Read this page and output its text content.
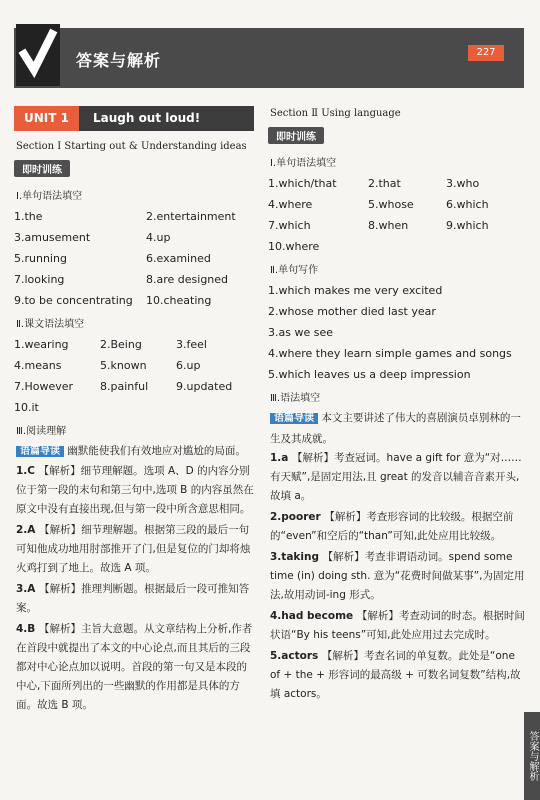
答案与解析	227
UNIT 1	Laugh out loud!
Section Ⅰ Starting out & Understanding ideas
即时训练
Ⅰ.单句语法填空
1.the	2.entertainment
3.amusement	4.up
5.running	6.examined
7.looking	8.are designed
9.to be concentrating	10.cheating
Ⅱ.课文语法填空
1.wearing	2.Being	3.feel
4.means	5.known	6.up
7.However	8.painful	9.updated
10.it
Ⅲ.阅读理解
语篇导读 幽默能使我们有效地应对尴尬的局面。
1.C 【解析】细节理解题。选项 A、D 的内容分别位于第一段的末句和第三句中,选项 B 的内容虽然在原文中没有直接出现,但与第一段中所含意思相同。
2.A 【解析】细节理解题。根据第三段的最后一句可知他成功地用肘部推开了门,但是复位的门却将烛火鸡打到了地上。故选 A 项。
3.A 【解析】推理判断题。根据最后一段可推知答案。
4.B 【解析】主旨大意题。从文章结构上分析,作者在首段中就提出了本文的中心论点,而且其后的三段都对中心论点加以说明。首段的第一句又是本段的中心,下面所列出的一些幽默的作用都是具体的方面。故选 B 项。
Section Ⅱ Using language
即时训练
Ⅰ.单句语法填空
1.which/that	2.that	3.who
4.where	5.whose	6.which
7.which	8.when	9.which
10.where
Ⅱ.单句写作
1.which makes me very excited
2.whose mother died last year
3.as we see
4.where they learn simple games and songs
5.which leaves us a deep impression
Ⅲ.语法填空
语篇导读 本文主要讲述了伟大的喜剧演员卓别林的一生及其成就。
1.a 【解析】考查冠词。have a gift for 意为“对……有天赋”,是固定用法,且 great 的发音以辅音音素开头,故填 a。
2.poorer 【解析】考查形容词的比较级。根据空前的“even”和空后的“than”可知,此处应用比较级。
3.taking 【解析】考查非谓语动词。spend some time (in) doing sth. 意为“花费时间做某事”,为固定用法,故用动词-ing 形式。
4.had become 【解析】考查动词的时态。根据时间状语“By his teens”可知,此处应用过去完成时。
5.actors 【解析】考查名词的单复数。此处是“one of + the + 形容词的最高级 + 可数名词复数”结构,故填 actors。
答案与解析
